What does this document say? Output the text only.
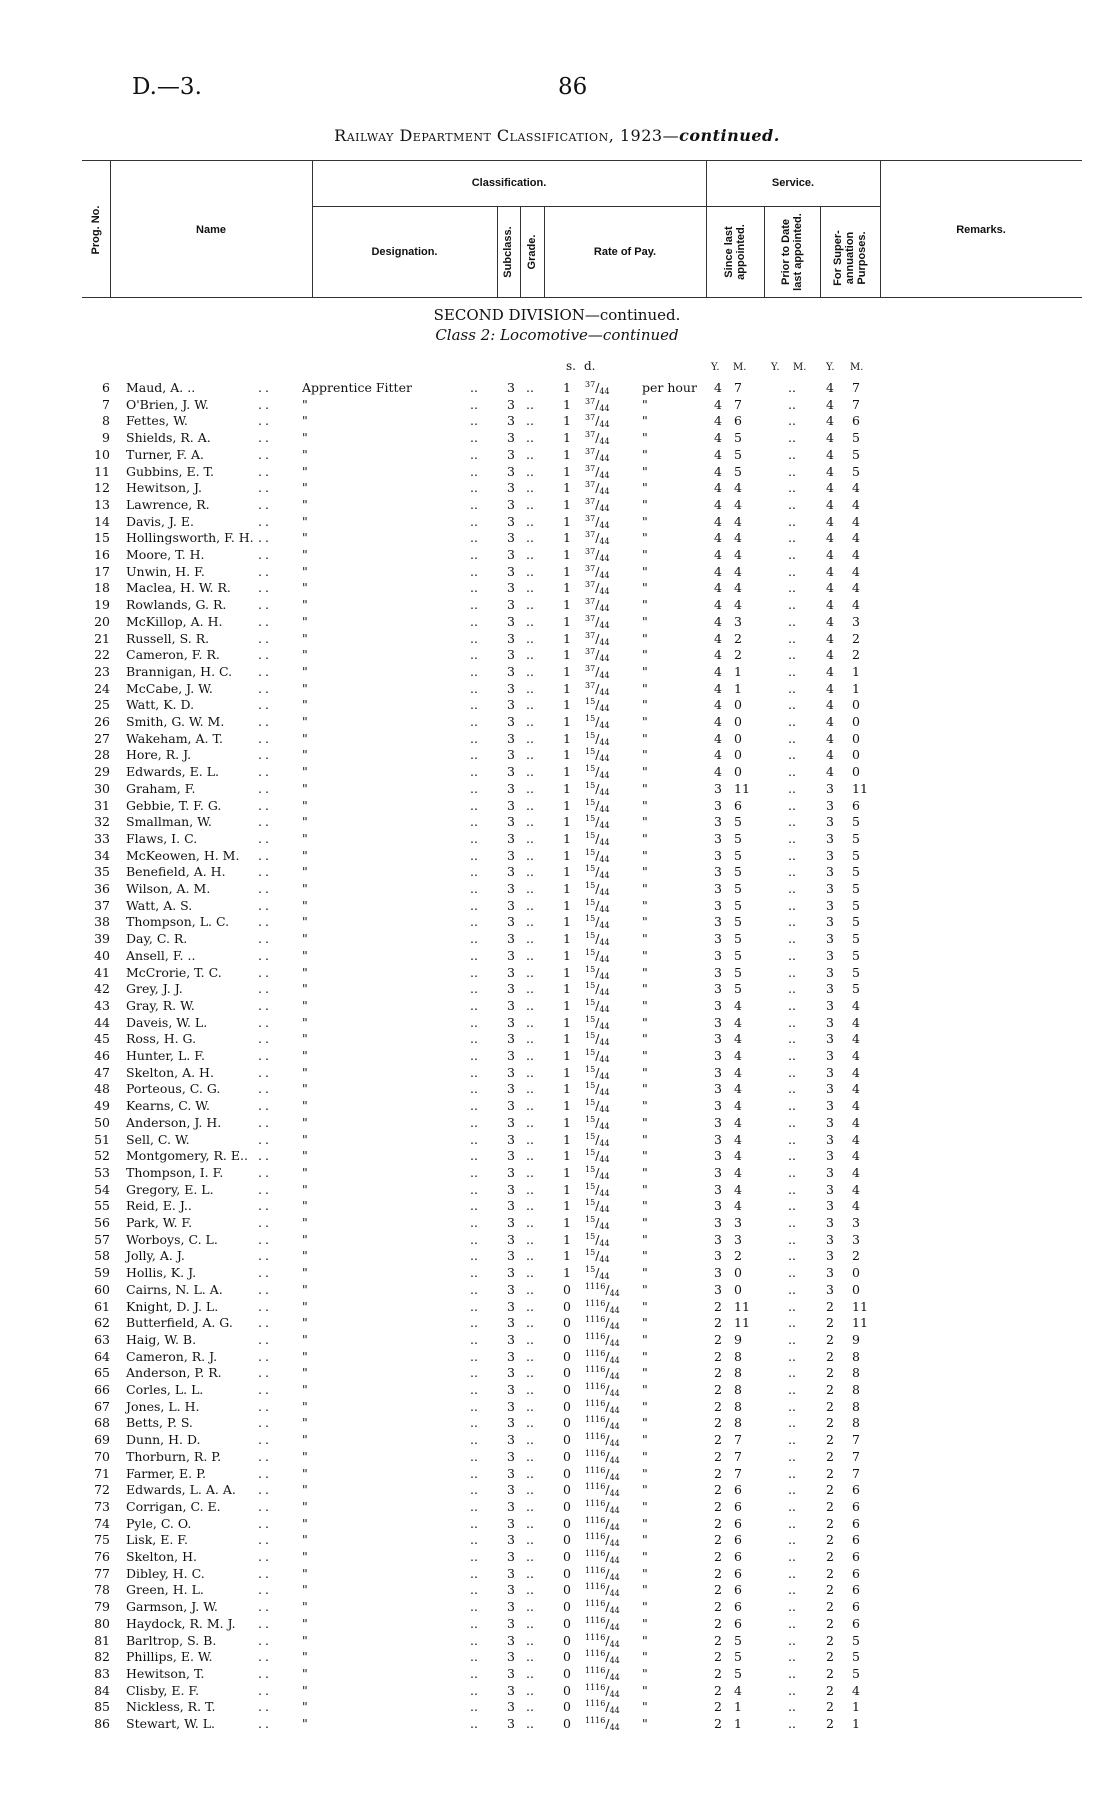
D.—3.	86
Railway Department Classification, 1923—continued.
Prog. No.	Name
Classification.
Designation.	Subclass. Grade.	Rate of Pay.
Service.
Since last appointed.	Prior to Date last appointed.	For Super-annuation Purposes.
Remarks.
SECOND DIVISION—continued.
Class 2: Locomotive—continued
s. d.	Y. M. Y. M. Y. M.
6 Maud, A. ..	.. Apprentice Fitter	.. 3 .. 1 $^{37}/_{44}$	per hour 4 7	.. 4 7
7 O'Brien, J. W.	.. "	.. 3 .. 1 $^{37}/_{44}$	"	4 7	.. 4 7
8 Fettes, W.	.. "	.. 3 .. 1 $^{37}/_{44}$	"	4 6	.. 4 6
9 Shields, R. A.	.. "	.. 3 .. 1 $^{37}/_{44}$	"	4 5	.. 4 5
10 Turner, F. A.	.. "	.. 3 .. 1 $^{37}/_{44}$	"	4 5	.. 4 5
11 Gubbins, E. T.	.. "	.. 3 .. 1 $^{37}/_{44}$	"	4 5	.. 4 5
12 Hewitson, J.	.. "	.. 3 .. 1 $^{37}/_{44}$	"	4 4	.. 4 4
13 Lawrence, R.	.. "	.. 3 .. 1 $^{37}/_{44}$	"	4 4	.. 4 4
14 Davis, J. E.	.. "	.. 3 .. 1 $^{37}/_{44}$	"	4 4	.. 4 4
15 Hollingsworth, F. H. .. "	.. 3 .. 1 $^{37}/_{44}$	"	4 4	.. 4 4
16 Moore, T. H.	.. "	.. 3 .. 1 $^{37}/_{44}$	"	4 4	.. 4 4
17 Unwin, H. F.	.. "	.. 3 .. 1 $^{37}/_{44}$	"	4 4	.. 4 4
18 Maclea, H. W. R. .. "	.. 3 .. 1 $^{37}/_{44}$	"	4 4	.. 4 4
19 Rowlands, G. R.	.. "	.. 3 .. 1 $^{37}/_{44}$	"	4 4	.. 4 4
20 McKillop, A. H.	.. "	.. 3 .. 1 $^{37}/_{44}$	"	4 3	.. 4 3
21 Russell, S. R.	.. "	.. 3 .. 1 $^{37}/_{44}$	"	4 2	.. 4 2
22 Cameron, F. R.	.. "	.. 3 .. 1 $^{37}/_{44}$	"	4 2	.. 4 2
23 Brannigan, H. C. .. "	.. 3 .. 1 $^{37}/_{44}$	"	4 1	.. 4 1
24 McCabe, J. W.	.. "	.. 3 .. 1 $^{37}/_{44}$	"	4 1	.. 4 1
25 Watt, K. D.	.. "	.. 3 .. 1 $^{15}/_{44}$	"	4 0	.. 4 0
26 Smith, G. W. M.	.. "	.. 3 .. 1 $^{15}/_{44}$	"	4 0	.. 4 0
27 Wakeham, A. T.	.. "	.. 3 .. 1 $^{15}/_{44}$	"	4 0	.. 4 0
28 Hore, R. J.	.. "	.. 3 .. 1 $^{15}/_{44}$	"	4 0	.. 4 0
29 Edwards, E. L.	.. "	.. 3 .. 1 $^{15}/_{44}$	"	4 0	.. 4 0
30 Graham, F.	.. "	.. 3 .. 1 $^{15}/_{44}$	"	3 11	.. 3 11
31 Gebbie, T. F. G.	.. "	.. 3 .. 1 $^{15}/_{44}$	"	3 6	.. 3 6
32 Smallman, W.	.. "	.. 3 .. 1 $^{15}/_{44}$	"	3 5	.. 3 5
33 Flaws, I. C.	.. "	.. 3 .. 1 $^{15}/_{44}$	"	3 5	.. 3 5
34 McKeowen, H. M. .. "	.. 3 .. 1 $^{15}/_{44}$	"	3 5	.. 3 5
35 Benefield, A. H.	.. "	.. 3 .. 1 $^{15}/_{44}$	"	3 5	.. 3 5
36 Wilson, A. M.	.. "	.. 3 .. 1 $^{15}/_{44}$	"	3 5	.. 3 5
37 Watt, A. S.	.. "	.. 3 .. 1 $^{15}/_{44}$	"	3 5	.. 3 5
38 Thompson, L. C. .. "	.. 3 .. 1 $^{15}/_{44}$	"	3 5	.. 3 5
39 Day, C. R.	.. "	.. 3 .. 1 $^{15}/_{44}$	"	3 5	.. 3 5
40 Ansell, F. ..	.. "	.. 3 .. 1 $^{15}/_{44}$	"	3 5	.. 3 5
41 McCrorie, T. C.	.. "	.. 3 .. 1 $^{15}/_{44}$	"	3 5	.. 3 5
42 Grey, J. J.	.. "	.. 3 .. 1 $^{15}/_{44}$	"	3 5	.. 3 5
43 Gray, R. W.	.. "	.. 3 .. 1 $^{15}/_{44}$	"	3 4	.. 3 4
44 Daveis, W. L.	.. "	.. 3 .. 1 $^{15}/_{44}$	"	3 4	.. 3 4
45 Ross, H. G.	.. "	.. 3 .. 1 $^{15}/_{44}$	"	3 4	.. 3 4
46 Hunter, L. F.	.. "	.. 3 .. 1 $^{15}/_{44}$	"	3 4	.. 3 4
47 Skelton, A. H.	.. "	.. 3 .. 1 $^{15}/_{44}$	"	3 4	.. 3 4
48 Porteous, C. G.	.. "	.. 3 .. 1 $^{15}/_{44}$	"	3 4	.. 3 4
49 Kearns, C. W.	.. "	.. 3 .. 1 $^{15}/_{44}$	"	3 4	.. 3 4
50 Anderson, J. H.	.. "	.. 3 .. 1 $^{15}/_{44}$	"	3 4	.. 3 4
51 Sell, C. W.	.. "	.. 3 .. 1 $^{15}/_{44}$	"	3 4	.. 3 4
52 Montgomery, R. E.. .. "	.. 3 .. 1 $^{15}/_{44}$	"	3 4	.. 3 4
53 Thompson, I. F.	.. "	.. 3 .. 1 $^{15}/_{44}$	"	3 4	.. 3 4
54 Gregory, E. L.	.. "	.. 3 .. 1 $^{15}/_{44}$	"	3 4	.. 3 4
55 Reid, E. J..	.. "	.. 3 .. 1 $^{15}/_{44}$	"	3 4	.. 3 4
56 Park, W. F.	.. "	.. 3 .. 1 $^{15}/_{44}$	"	3 3	.. 3 3
57 Worboys, C. L.	.. "	.. 3 .. 1 $^{15}/_{44}$	"	3 3	.. 3 3
58 Jolly, A. J.	.. "	.. 3 .. 1 $^{15}/_{44}$	"	3 2	.. 3 2
59 Hollis, K. J.	.. "	.. 3 .. 1 $^{15}/_{44}$	"	3 0	.. 3 0
60 Cairns, N. L. A.	.. "	.. 3 .. 0 $^{1116}/_{44}$ "	3 0	.. 3 0
61 Knight, D. J. L.	.. "	.. 3 .. 0 $^{1116}/_{44}$ "	2 11	.. 2 11
62 Butterfield, A. G. .. "	.. 3 .. 0 $^{1116}/_{44}$ "	2 11	.. 2 11
63 Haig, W. B.	.. "	.. 3 .. 0 $^{1116}/_{44}$ "	2 9	.. 2 9
64 Cameron, R. J.	.. "	.. 3 .. 0 $^{1116}/_{44}$ "	2 8	.. 2 8
65 Anderson, P. R.	.. "	.. 3 .. 0 $^{1116}/_{44}$ "	2 8	.. 2 8
66 Corles, L. L.	.. "	.. 3 .. 0 $^{1116}/_{44}$ "	2 8	.. 2 8
67 Jones, L. H.	.. "	.. 3 .. 0 $^{1116}/_{44}$ "	2 8	.. 2 8
68 Betts, P. S.	.. "	.. 3 .. 0 $^{1116}/_{44}$ "	2 8	.. 2 8
69 Dunn, H. D.	.. "	.. 3 .. 0 $^{1116}/_{44}$ "	2 7	.. 2 7
70 Thorburn, R. P.	.. "	.. 3 .. 0 $^{1116}/_{44}$ "	2 7	.. 2 7
71 Farmer, E. P.	.. "	.. 3 .. 0 $^{1116}/_{44}$ "	2 7	.. 2 7
72 Edwards, L. A. A. .. "	.. 3 .. 0 $^{1116}/_{44}$ "	2 6	.. 2 6
73 Corrigan, C. E.	.. "	.. 3 .. 0 $^{1116}/_{44}$ "	2 6	.. 2 6
74 Pyle, C. O.	.. "	.. 3 .. 0 $^{1116}/_{44}$ "	2 6	.. 2 6
75 Lisk, E. F.	.. "	.. 3 .. 0 $^{1116}/_{44}$ "	2 6	.. 2 6
76 Skelton, H.	.. "	.. 3 .. 0 $^{1116}/_{44}$ "	2 6	.. 2 6
77 Dibley, H. C.	.. "	.. 3 .. 0 $^{1116}/_{44}$ "	2 6	.. 2 6
78 Green, H. L.	.. "	.. 3 .. 0 $^{1116}/_{44}$ "	2 6	.. 2 6
79 Garmson, J. W.	.. "	.. 3 .. 0 $^{1116}/_{44}$ "	2 6	.. 2 6
80 Haydock, R. M. J. .. "	.. 3 .. 0 $^{1116}/_{44}$ "	2 6	.. 2 6
81 Barltrop, S. B.	.. "	.. 3 .. 0 $^{1116}/_{44}$ "	2 5	.. 2 5
82 Phillips, E. W.	.. "	.. 3 .. 0 $^{1116}/_{44}$ "	2 5	.. 2 5
83 Hewitson, T.	.. "	.. 3 .. 0 $^{1116}/_{44}$ "	2 5	.. 2 5
84 Clisby, E. F.	.. "	.. 3 .. 0 $^{1116}/_{44}$ "	2 4	.. 2 4
85 Nickless, R. T.	.. "	.. 3 .. 0 $^{1116}/_{44}$ "	2 1	.. 2 1
86 Stewart, W. L.	.. "	.. 3 .. 0 $^{1116}/_{44}$ "	2 1	.. 2 1
